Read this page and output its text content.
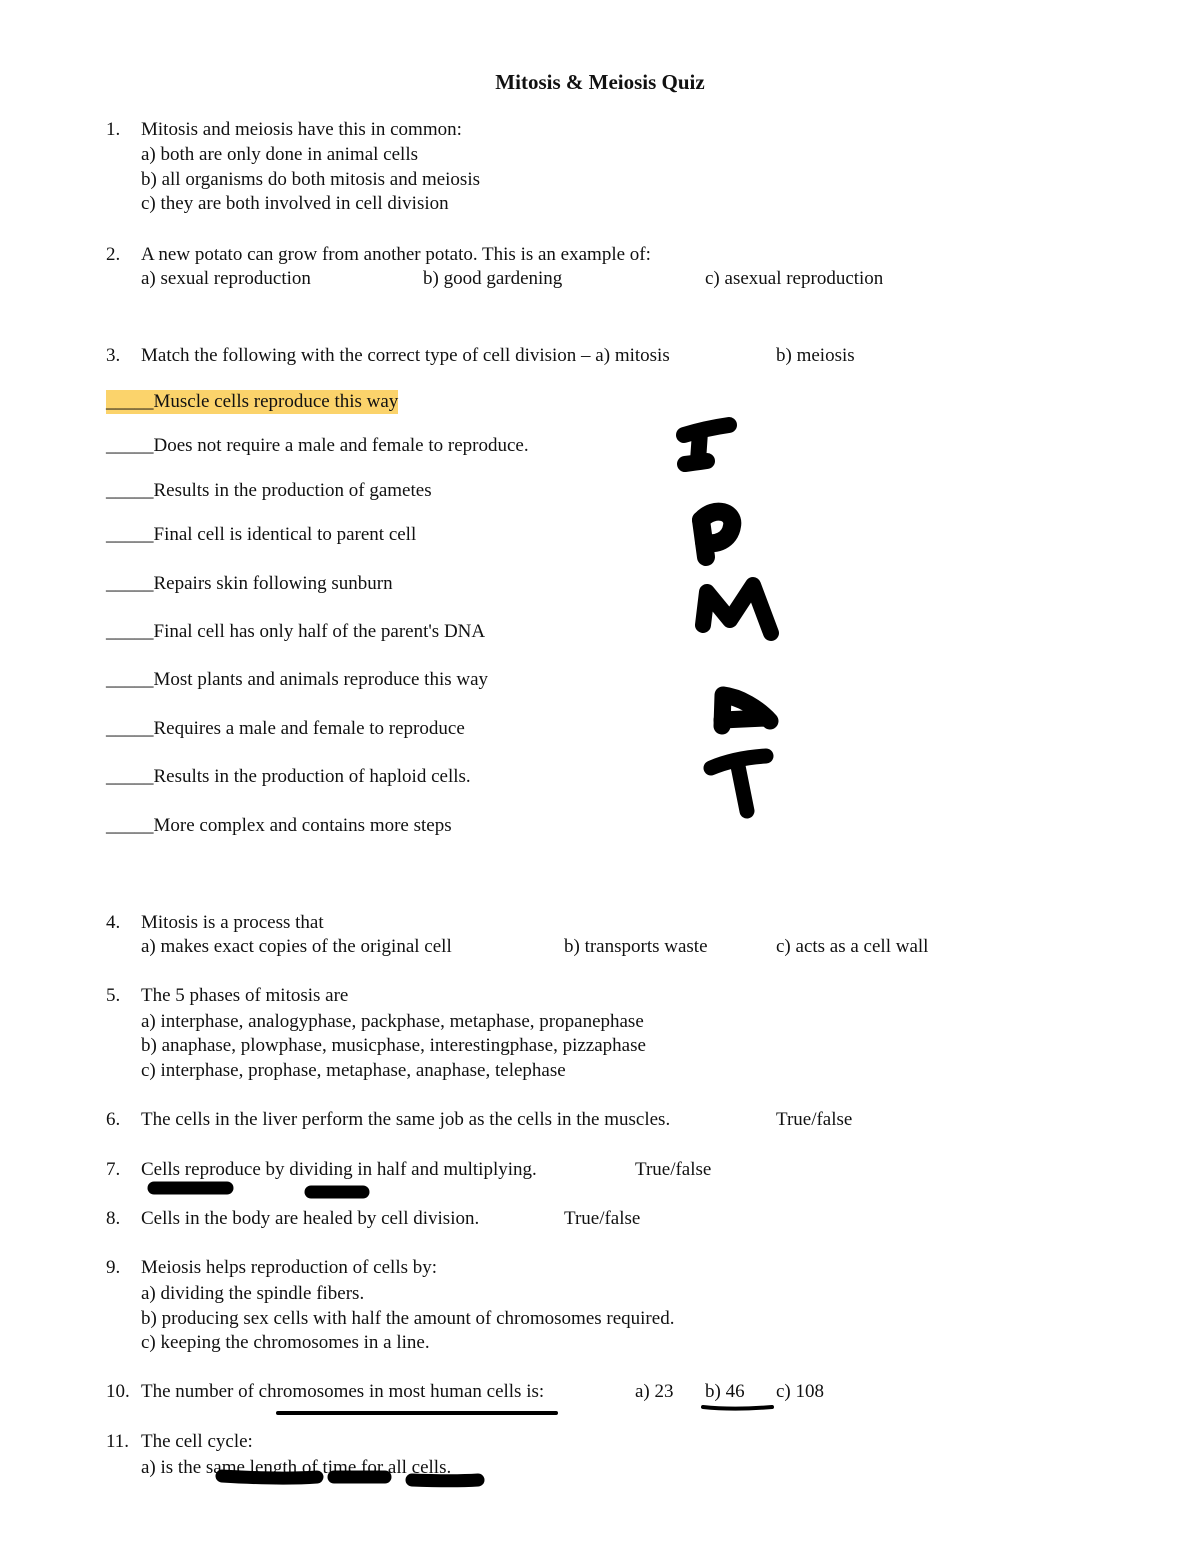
Mitosis & Meiosis Quiz
1. Mitosis and meiosis have this in common:
a) both are only done in animal cells
b) all organisms do both mitosis and meiosis
c) they are both involved in cell division
2. A new potato can grow from another potato. This is an example of:
a) sexual reproduction	b) good gardening	c) asexual reproduction
3. Match the following with the correct type of cell division – a) mitosis	b) meiosis
_____Muscle cells reproduce this way
_____Does not require a male and female to reproduce.
_____Results in the production of gametes
_____Final cell is identical to parent cell
_____Repairs skin following sunburn
_____Final cell has only half of the parent's DNA
_____Most plants and animals reproduce this way
_____Requires a male and female to reproduce
_____Results in the production of haploid cells.
_____More complex and contains more steps
4. Mitosis is a process that
a) makes exact copies of the original cell	b) transports waste	c) acts as a cell wall
5. The 5 phases of mitosis are
a) interphase, analogyphase, packphase, metaphase, propanephase
b) anaphase, plowphase, musicphase, interestingphase, pizzaphase
c) interphase, prophase, metaphase, anaphase, telephase
6. The cells in the liver perform the same job as the cells in the muscles.	True/false
7. Cells reproduce by dividing in half and multiplying.	True/false
8. Cells in the body are healed by cell division.	True/false
9. Meiosis helps reproduction of cells by:
a) dividing the spindle fibers.
b) producing sex cells with half the amount of chromosomes required.
c) keeping the chromosomes in a line.
10. The number of chromosomes in most human cells is:	a) 23 b) 46 c) 108
11. The cell cycle:
a) is the same length of time for all cells.
